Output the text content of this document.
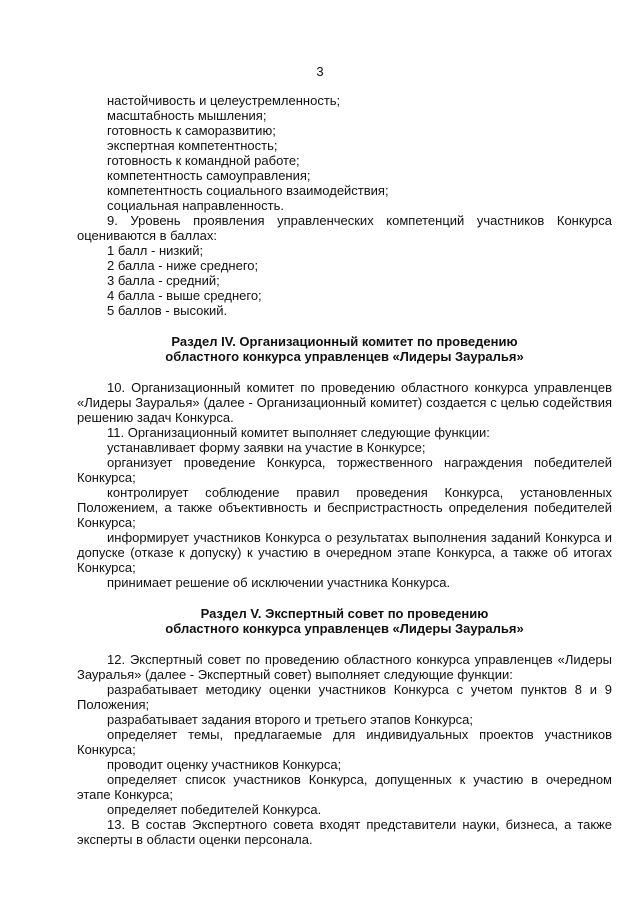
3
настойчивость и целеустремленность;
масштабность мышления;
готовность к саморазвитию;
экспертная компетентность;
готовность к командной работе;
компетентность самоуправления;
компетентность социального взаимодействия;
социальная направленность.
9. Уровень проявления управленческих компетенций участников Конкурса оцениваются в баллах:
1 балл - низкий;
2 балла - ниже среднего;
3 балла - средний;
4 балла - выше среднего;
5 баллов - высокий.
Раздел IV. Организационный комитет по проведению
областного конкурса управленцев «Лидеры Зауралья»
10. Организационный комитет по проведению областного конкурса управленцев «Лидеры Зауралья» (далее - Организационный комитет) создается с целью содействия решению задач Конкурса.
11. Организационный комитет выполняет следующие функции:
устанавливает форму заявки на участие в Конкурсе;
организует проведение Конкурса, торжественного награждения победителей Конкурса;
контролирует соблюдение правил проведения Конкурса, установленных Положением, а также объективность и беспристрастность определения победителей Конкурса;
информирует участников Конкурса о результатах выполнения заданий Конкурса и допуске (отказе к допуску) к участию в очередном этапе Конкурса, а также об итогах Конкурса;
принимает решение об исключении участника Конкурса.
Раздел V. Экспертный совет по проведению
областного конкурса управленцев «Лидеры Зауралья»
12. Экспертный совет по проведению областного конкурса управленцев «Лидеры Зауралья» (далее - Экспертный совет) выполняет следующие функции:
разрабатывает методику оценки участников Конкурса с учетом пунктов 8 и 9 Положения;
разрабатывает задания второго и третьего этапов Конкурса;
определяет темы, предлагаемые для индивидуальных проектов участников Конкурса;
проводит оценку участников Конкурса;
определяет список участников Конкурса, допущенных к участию в очередном этапе Конкурса;
определяет победителей Конкурса.
13. В состав Экспертного совета входят представители науки, бизнеса, а также эксперты в области оценки персонала.
